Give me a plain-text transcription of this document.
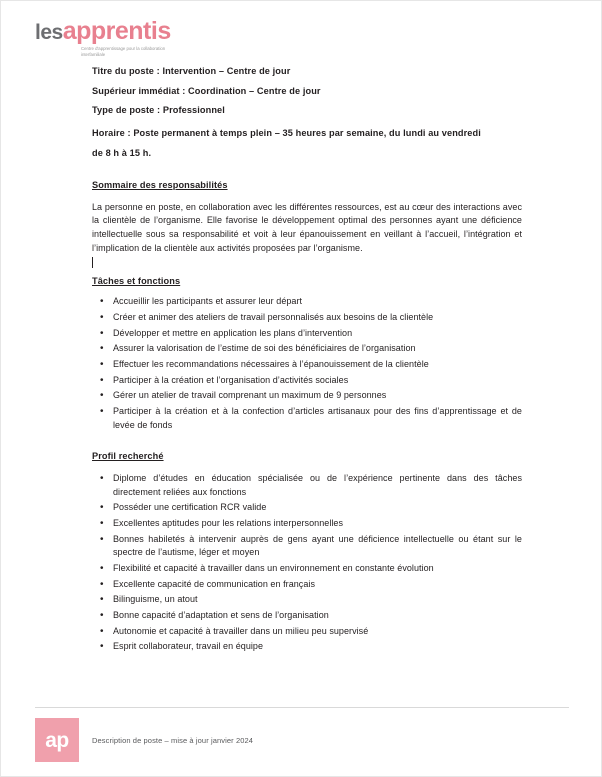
lesapprentis
Centre d'apprentissage pour la collaboration interfamiliale
Titre du poste : Intervention – Centre de jour
Supérieur immédiat : Coordination – Centre de jour
Type de poste : Professionnel
Horaire : Poste permanent à temps plein – 35 heures par semaine, du lundi au vendredi
de 8 h à 15 h.
Sommaire des responsabilités

La personne en poste, en collaboration avec les différentes ressources, est au cœur des interactions avec la clientèle de l’organisme. Elle favorise le développement optimal des personnes ayant une déficience intellectuelle sous sa responsabilité et voit à leur épanouissement en veillant à l’accueil, l’intégration et l’implication de la clientèle aux activités proposées par l’organisme.

Tâches et fonctions
• Accueillir les participants et assurer leur départ
• Créer et animer des ateliers de travail personnalisés aux besoins de la clientèle
• Développer et mettre en application les plans d’intervention
• Assurer la valorisation de l’estime de soi des bénéficiaires de l’organisation
• Effectuer les recommandations nécessaires à l’épanouissement de la clientèle
• Participer à la création et l’organisation d’activités sociales
• Gérer un atelier de travail comprenant un maximum de 9 personnes
• Participer à la création et à la confection d’articles artisanaux pour des fins d’apprentissage et de levée de fonds
Profil recherché
• Diplome d’études en éducation spécialisée ou de l’expérience pertinente dans des tâches directement reliées aux fonctions
• Posséder une certification RCR valide
• Excellentes aptitudes pour les relations interpersonnelles
• Bonnes habiletés à intervenir auprès de gens ayant une déficience intellectuelle ou étant sur le spectre de l’autisme, léger et moyen
• Flexibilité et capacité à travailler dans un environnement en constante évolution
• Excellente capacité de communication en français
• Bilinguisme, un atout
• Bonne capacité d’adaptation et sens de l’organisation
• Autonomie et capacité à travailler dans un milieu peu supervisé
• Esprit collaborateur, travail en équipe
ap	Description de poste – mise à jour janvier 2024
